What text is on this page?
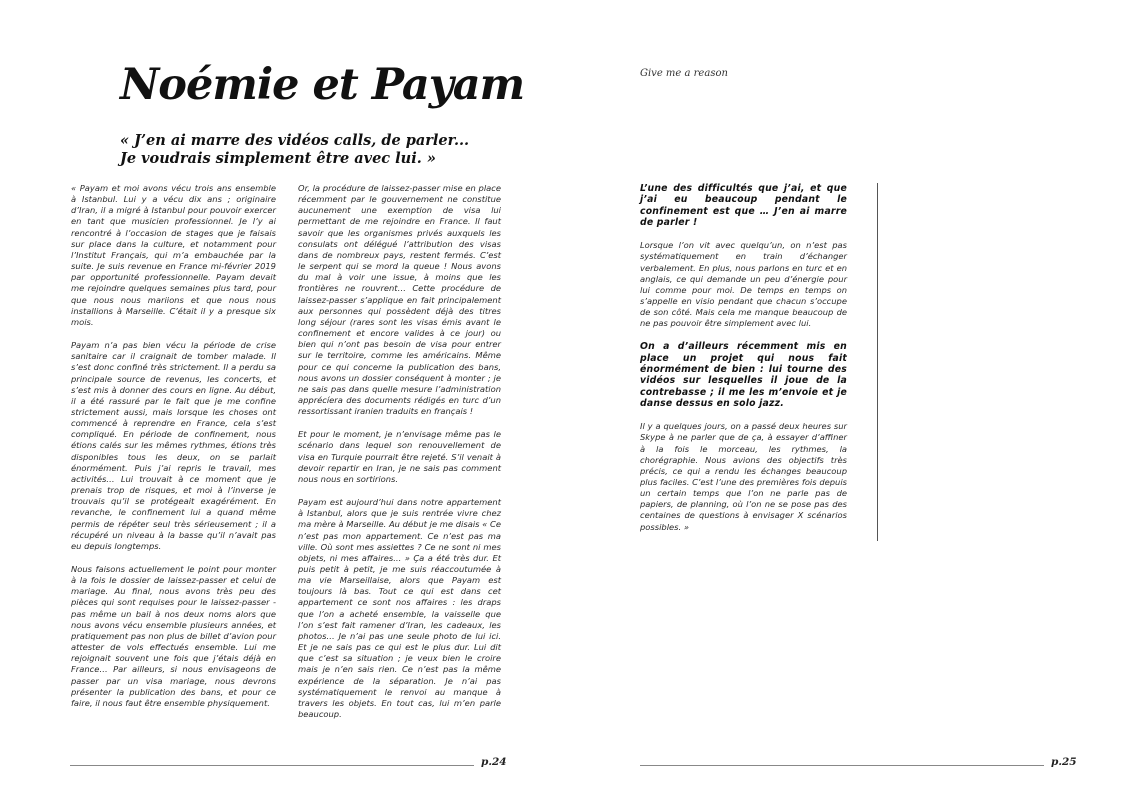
Noémie et Payam
« J’en ai marre des vidéos calls, de parler...
Je voudrais simplement être avec lui. »

« Payam et moi avons vécu trois ans ensemble à Istanbul. Lui y a vécu dix ans ; originaire d’Iran, il a migré à Istanbul pour pouvoir exercer en tant que musicien professionnel. Je l’y ai rencontré à l’occasion de stages que je faisais sur place dans la culture, et notamment pour l’Institut Français, qui m’a embauchée par la suite. Je suis revenue en France mi-février 2019 par opportunité professionnelle. Payam devait me rejoindre quelques semaines plus tard, pour que nous nous mariions et que nous nous installions à Marseille. C’était il y a presque six mois.

Payam n’a pas bien vécu la période de crise sanitaire car il craignait de tomber malade. Il s’est donc confiné très strictement. Il a perdu sa principale source de revenus, les concerts, et s’est mis à donner des cours en ligne. Au début, il a été rassuré par le fait que je me confine strictement aussi, mais lorsque les choses ont commencé à reprendre en France, cela s’est compliqué. En période de confinement, nous étions calés sur les mêmes rythmes, étions très disponibles tous les deux, on se parlait énormément. Puis j’ai repris le travail, mes activités… Lui trouvait à ce moment que je prenais trop de risques, et moi à l’inverse je trouvais qu’il se protégeait exagérément. En revanche, le confinement lui a quand même permis de répéter seul très sérieusement ; il a récupéré un niveau à la basse qu’il n’avait pas eu depuis longtemps.

Nous faisons actuellement le point pour monter à la fois le dossier de laissez-passer et celui de mariage. Au final, nous avons très peu des pièces qui sont requises pour le laissez-passer - pas même un bail à nos deux noms alors que nous avons vécu ensemble plusieurs années, et pratiquement pas non plus de billet d’avion pour attester de vols effectués ensemble. Lui me rejoignait souvent une fois que j’étais déjà en France… Par ailleurs, si nous envisageons de passer par un visa mariage, nous devrons présenter la publication des bans, et pour ce faire, il nous faut être ensemble physiquement.

Or, la procédure de laissez-passer mise en place récemment par le gouvernement ne constitue aucunement une exemption de visa lui permettant de me rejoindre en France. Il faut savoir que les organismes privés auxquels les consulats ont délégué l’attribution des visas dans de nombreux pays, restent fermés. C’est le serpent qui se mord la queue ! Nous avons du mal à voir une issue, à moins que les frontières ne rouvrent… Cette procédure de laissez-passer s’applique en fait principalement aux personnes qui possèdent déjà des titres long séjour (rares sont les visas émis avant le confinement et encore valides à ce jour) ou bien qui n’ont pas besoin de visa pour entrer sur le territoire, comme les américains. Même pour ce qui concerne la publication des bans, nous avons un dossier conséquent à monter ; je ne sais pas dans quelle mesure l’administration apprécíera des documents rédigés en turc d’un ressortissant iranien traduits en français !

Et pour le moment, je n’envisage même pas le scénario dans lequel son renouvellement de visa en Turquie pourrait être rejeté. S’il venait à devoir repartir en Iran, je ne sais pas comment nous nous en sortirions.

Payam est aujourd’hui dans notre appartement à Istanbul, alors que je suis rentrée vivre chez ma mère à Marseille. Au début je me disais « Ce n’est pas mon appartement. Ce n’est pas ma ville. Où sont mes assiettes ? Ce ne sont ni mes objets, ni mes affaires... » Ça a été très dur. Et puis petit à petit, je me suis réaccoutumée à ma vie Marseillaise, alors que Payam est toujours là bas. Tout ce qui est dans cet appartement ce sont nos affaires : les draps que l’on a acheté ensemble, la vaisselle que l’on s’est fait ramener d’Iran, les cadeaux, les photos… Je n’ai pas une seule photo de lui ici. Et je ne sais pas ce qui est le plus dur. Lui dit que c’est sa situation ; je veux bien le croire mais je n’en sais rien. Ce n’est pas la même expérience de la séparation. Je n’ai pas systématiquement le renvoi au manque à travers les objets. En tout cas, lui m’en parle beaucoup.

p.24
Give me a reason

L’une des difficultés que j’ai, et que j’ai eu beaucoup pendant le confinement est que … J’en ai marre de parler !

Lorsque l’on vit avec quelqu’un, on n’est pas systématiquement en train d’échanger verbalement. En plus, nous parlons en turc et en anglais, ce qui demande un peu d’énergie pour lui comme pour moi. De temps en temps on s’appelle en visio pendant que chacun s’occupe de son côté. Mais cela me manque beaucoup de ne pas pouvoir être simplement avec lui.

On a d’ailleurs récemment mis en place un projet qui nous fait énormément de bien : lui tourne des vidéos sur lesquelles il joue de la contrebasse ; il me les m’envoie et je danse dessus en solo jazz.

Il y a quelques jours, on a passé deux heures sur Skype à ne parler que de ça, à essayer d’affiner à la fois le morceau, les rythmes, la chorégraphie. Nous avions des objectifs très précis, ce qui a rendu les échanges beaucoup plus faciles. C’est l’une des premières fois depuis un certain temps que l’on ne parle pas de papiers, de planning, où l’on ne se pose pas des centaines de questions à envisager X scénarios possibles. »

p.25
